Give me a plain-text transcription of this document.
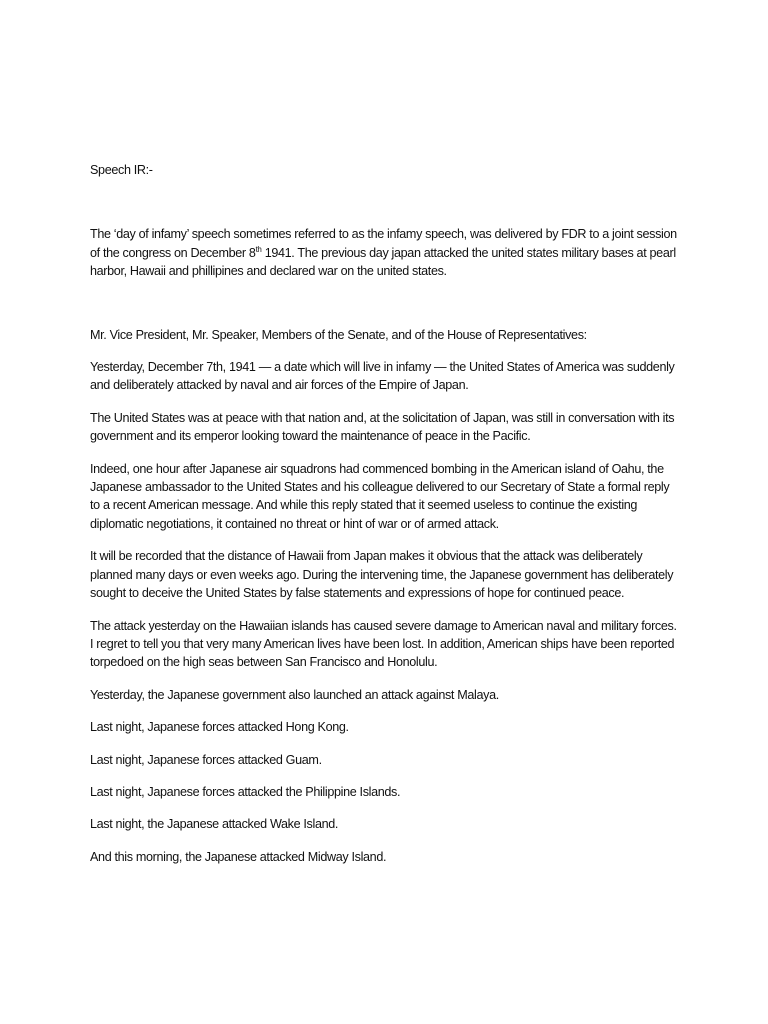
Speech IR:-

The ‘day of infamy’ speech sometimes referred to as the infamy speech, was delivered by FDR to a joint session of the congress on December 8th 1941. The previous day japan attacked the united states military bases at pearl harbor, Hawaii and phillipines and declared war on the united states.

Mr. Vice President, Mr. Speaker, Members of the Senate, and of the House of Representatives:

Yesterday, December 7th, 1941 — a date which will live in infamy — the United States of America was suddenly and deliberately attacked by naval and air forces of the Empire of Japan.

The United States was at peace with that nation and, at the solicitation of Japan, was still in conversation with its government and its emperor looking toward the maintenance of peace in the Pacific.

Indeed, one hour after Japanese air squadrons had commenced bombing in the American island of Oahu, the Japanese ambassador to the United States and his colleague delivered to our Secretary of State a formal reply to a recent American message. And while this reply stated that it seemed useless to continue the existing diplomatic negotiations, it contained no threat or hint of war or of armed attack.

It will be recorded that the distance of Hawaii from Japan makes it obvious that the attack was deliberately planned many days or even weeks ago. During the intervening time, the Japanese government has deliberately sought to deceive the United States by false statements and expressions of hope for continued peace.

The attack yesterday on the Hawaiian islands has caused severe damage to American naval and military forces. I regret to tell you that very many American lives have been lost. In addition, American ships have been reported torpedoed on the high seas between San Francisco and Honolulu.

Yesterday, the Japanese government also launched an attack against Malaya.

Last night, Japanese forces attacked Hong Kong.

Last night, Japanese forces attacked Guam.

Last night, Japanese forces attacked the Philippine Islands.

Last night, the Japanese attacked Wake Island.

And this morning, the Japanese attacked Midway Island.
